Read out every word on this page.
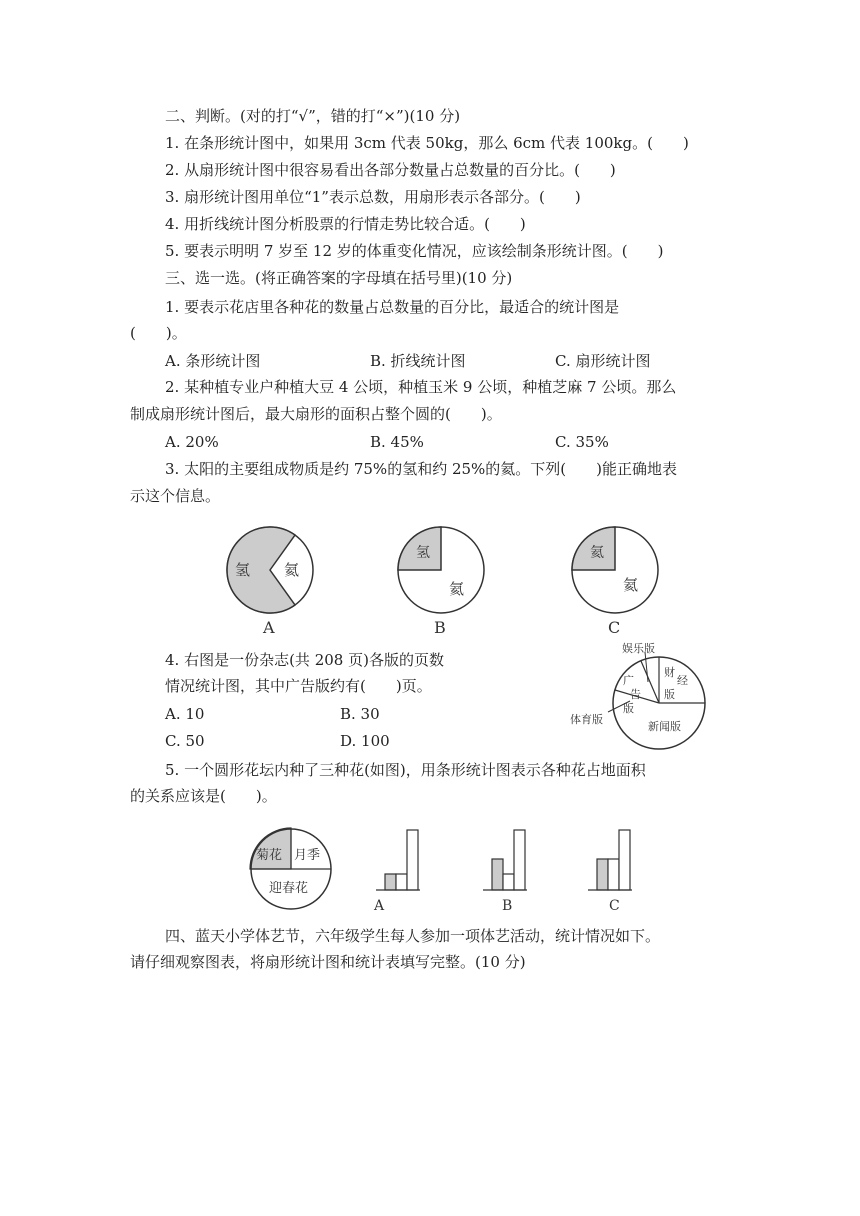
二、判断。(对的打“√”，错的打“×”)(10 分)
1. 在条形统计图中，如果用 3cm 代表 50kg，那么 6cm 代表 100kg。(　　)
2. 从扇形统计图中很容易看出各部分数量占总数量的百分比。(　　)
3. 扇形统计图用单位“1”表示总数，用扇形表示各部分。(　　)
4. 用折线统计图分析股票的行情走势比较合适。(　　)
5. 要表示明明 7 岁至 12 岁的体重变化情况，应该绘制条形统计图。(　　)
三、选一选。(将正确答案的字母填在括号里)(10 分)
1. 要表示花店里各种花的数量占总数量的百分比，最适合的统计图是
(　　)。
A. 条形统计图	B. 折线统计图	C. 扇形统计图
2. 某种植专业户种植大豆 4 公顷，种植玉米 9 公顷，种植芝麻 7 公顷。那么
制成扇形统计图后，最大扇形的面积占整个圆的(　　)。
A. 20%	B. 45%	C. 35%
3. 太阳的主要组成物质是约 75%的氢和约 25%的氦。下列(　　)能正确地表
示这个信息。
氢 氦
A
氢
氦
B
氦
氦
C
4. 右图是一份杂志(共 208 页)各版的页数
情况统计图，其中广告版约有(　　)页。
A. 10	B. 30
C. 50	D. 100
娱乐版
广
告
版
财
经
版
体育版
新闻版
5. 一个圆形花坛内种了三种花(如图)，用条形统计图表示各种花占地面积
的关系应该是(　　)。
菊花 月季
迎春花
A	B	C
四、蓝天小学体艺节，六年级学生每人参加一项体艺活动，统计情况如下。
请仔细观察图表，将扇形统计图和统计表填写完整。(10 分)
